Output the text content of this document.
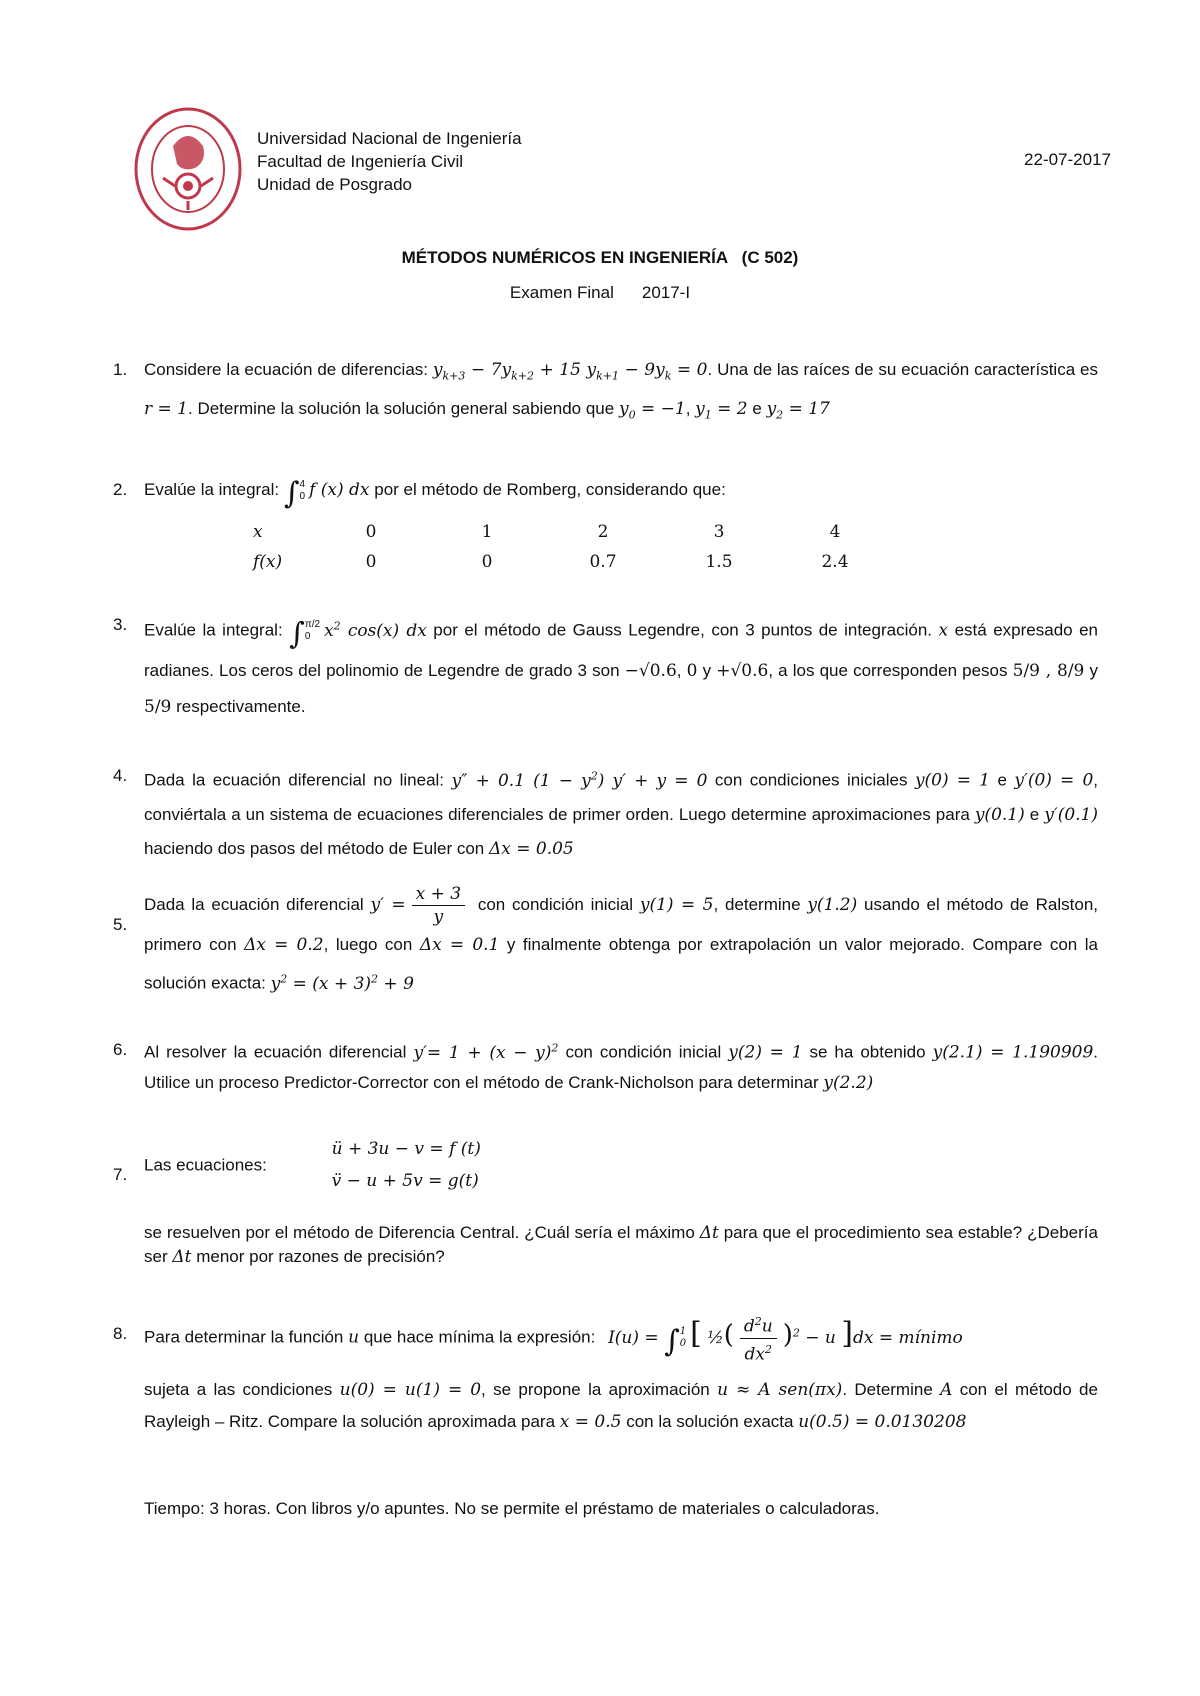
Universidad Nacional de Ingeniería
Facultad de Ingeniería Civil
Unidad de Posgrado
22-07-2017
MÉTODOS NUMÉRICOS EN INGENIERÍA   (C 502)
Examen Final 2017-I
1. Considere la ecuación de diferencias: $y_{k+3} - 7y_{k+2} + 15$ $y_{k+1} - 9y_k = 0$. Una de las raíces de su ecuación característica es r = 1. Determine la solución la solución general sabiendo que $y_0 = -1$, $y_1 = 2$ e $y_2 = 17$
2. Evalúe la integral: ∫ 4
0 f (x) dx por el método de Romberg, considerando que:
x	0	1	2	3	4
f(x)	0	0	0.7	1.5	2.4
3. Evalúe la integral: ∫ π/2
0 $x^2$ cos(x) dx por el método de Gauss Legendre, con 3 puntos de integración. x está expresado en radianes. Los ceros del polinomio de Legendre de grado 3 son −√0.6, 0 y +√0.6, a los que corresponden pesos 5/9 , 8/9 y 5/9 respectivamente.
4. Dada la ecuación diferencial no lineal: y″ + 0.1 $(1 - y^2)$ y′ + y = 0 con condiciones iniciales y(0) = 1 e y′(0) = 0, conviértala a un sistema de ecuaciones diferenciales de primer orden. Luego determine aproximaciones para y(0.1) e y′(0.1) haciendo dos pasos del método de Euler con Δx = 0.05
5.
Dada la ecuación diferencial $y' = \frac{x + 3}{y}$ con condición inicial y(1) = 5, determine y(1.2) usando el método de Ralston, primero con Δx = 0.2, luego con Δx = 0.1 y finalmente obtenga por extrapolación un valor mejorado. Compare con la solución exacta: $y^2 = (x + 3)^2 + 9$
6. Al resolver la ecuación diferencial $y'= 1 + (x - y)^2$ con condición inicial y(2) = 1 se ha obtenido y(2.1) = 1.190909. Utilice un proceso Predictor-Corrector con el método de Crank-Nicholson para determinar y(2.2)
7. Las ecuaciones:
ü + 3u − v = f (t)
v̈ − u + 5v = g(t)
se resuelven por el método de Diferencia Central. ¿Cuál sería el máximo Δt para que el procedimiento sea estable? ¿Debería ser Δt menor por razones de precisión?
8. Para determinar la función u que hace mínima la expresión: I(u) = ∫ 1
0 [ ½( $\frac{d^2u}{dx^2} )^2 - u$ ]dx = mínimo
sujeta a las condiciones u(0) = u(1) = 0, se propone la aproximación u ≈ A sen(πx). Determine A con el método de Rayleigh – Ritz. Compare la solución aproximada para x = 0.5 con la solución exacta u(0.5) = 0.0130208
Tiempo: 3 horas. Con libros y/o apuntes. No se permite el préstamo de materiales o calculadoras.
